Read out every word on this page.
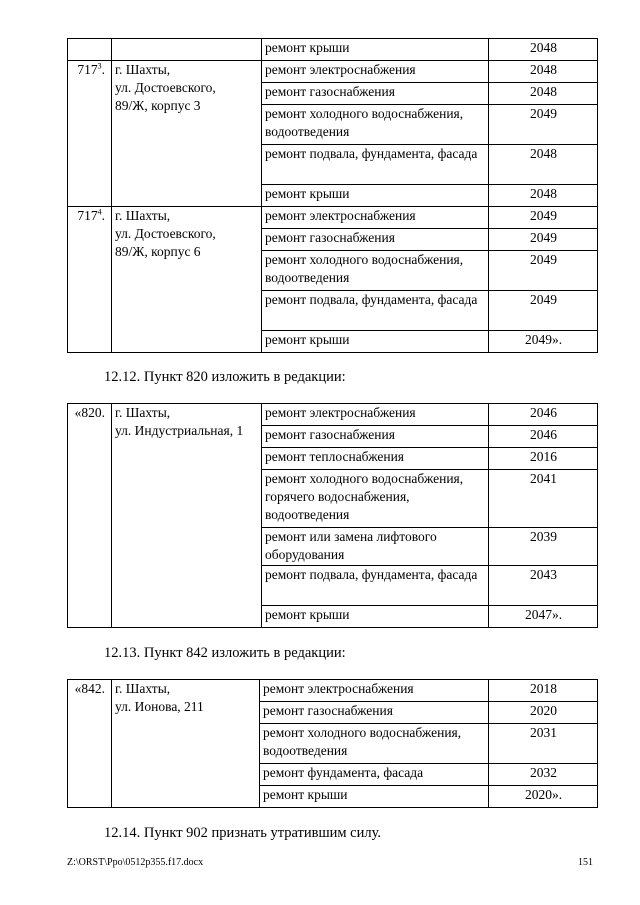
		ремонт крыши	2048
$717^3$.	г. Шахты,
ул. Достоевского,
89/Ж, корпус 3	ремонт электроснабжения	2048
		ремонт газоснабжения	2048
		ремонт холодного водоснабжения, водоотведения	2049
		ремонт подвала, фундамента, фасада	2048
		ремонт крыши	2048
$717^4$.	г. Шахты,
ул. Достоевского,
89/Ж, корпус 6	ремонт электроснабжения	2049
		ремонт газоснабжения	2049
		ремонт холодного водоснабжения, водоотведения	2049
		ремонт подвала, фундамента, фасада	2049
		ремонт крыши	2049».
12.12. Пункт 820 изложить в редакции:
«820.	г. Шахты,
ул. Индустриальная, 1	ремонт электроснабжения	2046
		ремонт газоснабжения	2046
		ремонт теплоснабжения	2016
		ремонт холодного водоснабжения, горячего водоснабжения, водоотведения	2041
		ремонт или замена лифтового оборудования	2039
		ремонт подвала, фундамента, фасада	2043
		ремонт крыши	2047».
12.13. Пункт 842 изложить в редакции:
«842.	г. Шахты,
ул. Ионова, 211	ремонт электроснабжения	2018
		ремонт газоснабжения	2020
		ремонт холодного водоснабжения, водоотведения	2031
		ремонт фундамента, фасада	2032
		ремонт крыши	2020».
12.14. Пункт 902 признать утратившим силу.
Z:\ORST\Ppo\0512p355.f17.docx	151
